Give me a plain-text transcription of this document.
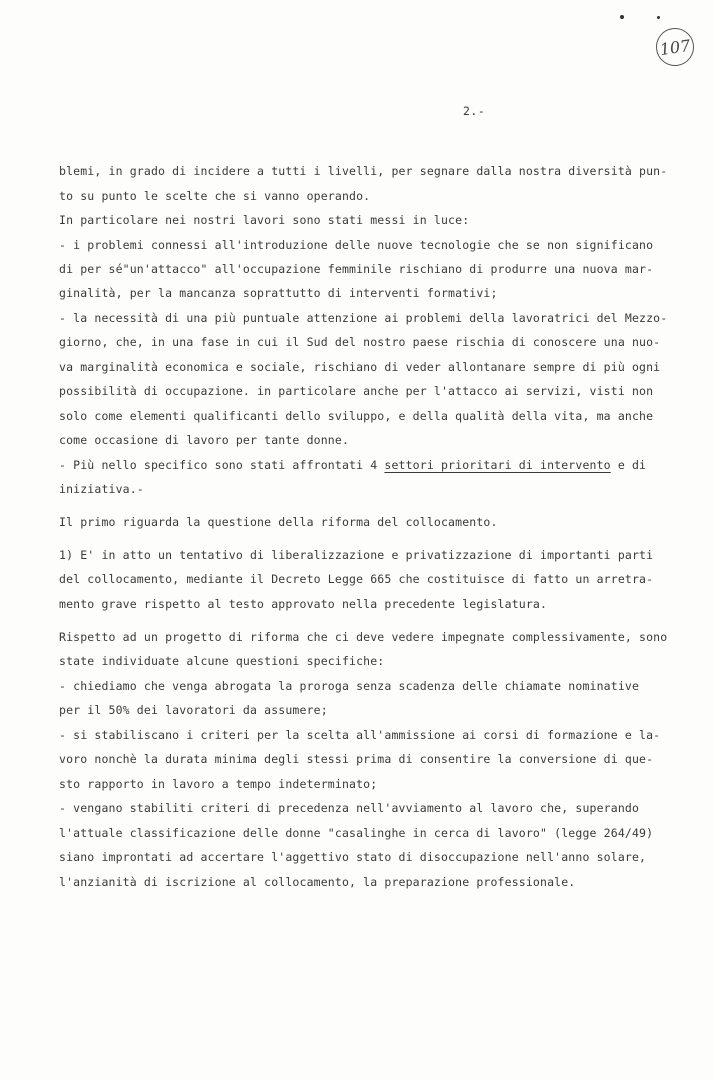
107
2.-
blemi, in grado di incidere a tutti i livelli, per segnare dalla nostra diversità pun-
to su punto le scelte che si vanno operando.
In particolare nei nostri lavori sono stati messi in luce:
- i problemi connessi all'introduzione delle nuove tecnologie che se non significano
di per sé"un'attacco" all'occupazione femminile rischiano di produrre una nuova mar-
ginalità, per la mancanza soprattutto di interventi formativi;
- la necessità di una più puntuale attenzione ai problemi della lavoratrici del Mezzo-
giorno, che, in una fase in cui il Sud del nostro paese rischia di conoscere una nuo-
va marginalità economica e sociale, rischiano di veder allontanare sempre di più ogni
possibilità di occupazione. in particolare anche per l'attacco ai servizi, visti non
solo come elementi qualificanti dello sviluppo, e della qualità della vita, ma anche
come occasione di lavoro per tante donne.
- Più nello specifico sono stati affrontati 4 settori prioritari di intervento e di
iniziativa.-
Il primo riguarda la questione della riforma del collocamento.
1) E' in atto un tentativo di liberalizzazione e privatizzazione di importanti parti
del collocamento, mediante il Decreto Legge 665 che costituisce di fatto un arretra-
mento grave rispetto al testo approvato nella precedente legislatura.
Rispetto ad un progetto di riforma che ci deve vedere impegnate complessivamente, sono
state individuate alcune questioni specifiche:
- chiediamo che venga abrogata la proroga senza scadenza delle chiamate nominative
per il 50% dei lavoratori da assumere;
- si stabiliscano i criteri per la scelta all'ammissione ai corsi di formazione e la-
voro nonchè la durata minima degli stessi prima di consentire la conversione di que-
sto rapporto in lavoro a tempo indeterminato;
- vengano stabiliti criteri di precedenza nell'avviamento al lavoro che, superando
l'attuale classificazione delle donne "casalinghe in cerca di lavoro" (legge 264/49)
siano improntati ad accertare l'aggettivo stato di disoccupazione nell'anno solare,
l'anzianità di iscrizione al collocamento, la preparazione professionale.
